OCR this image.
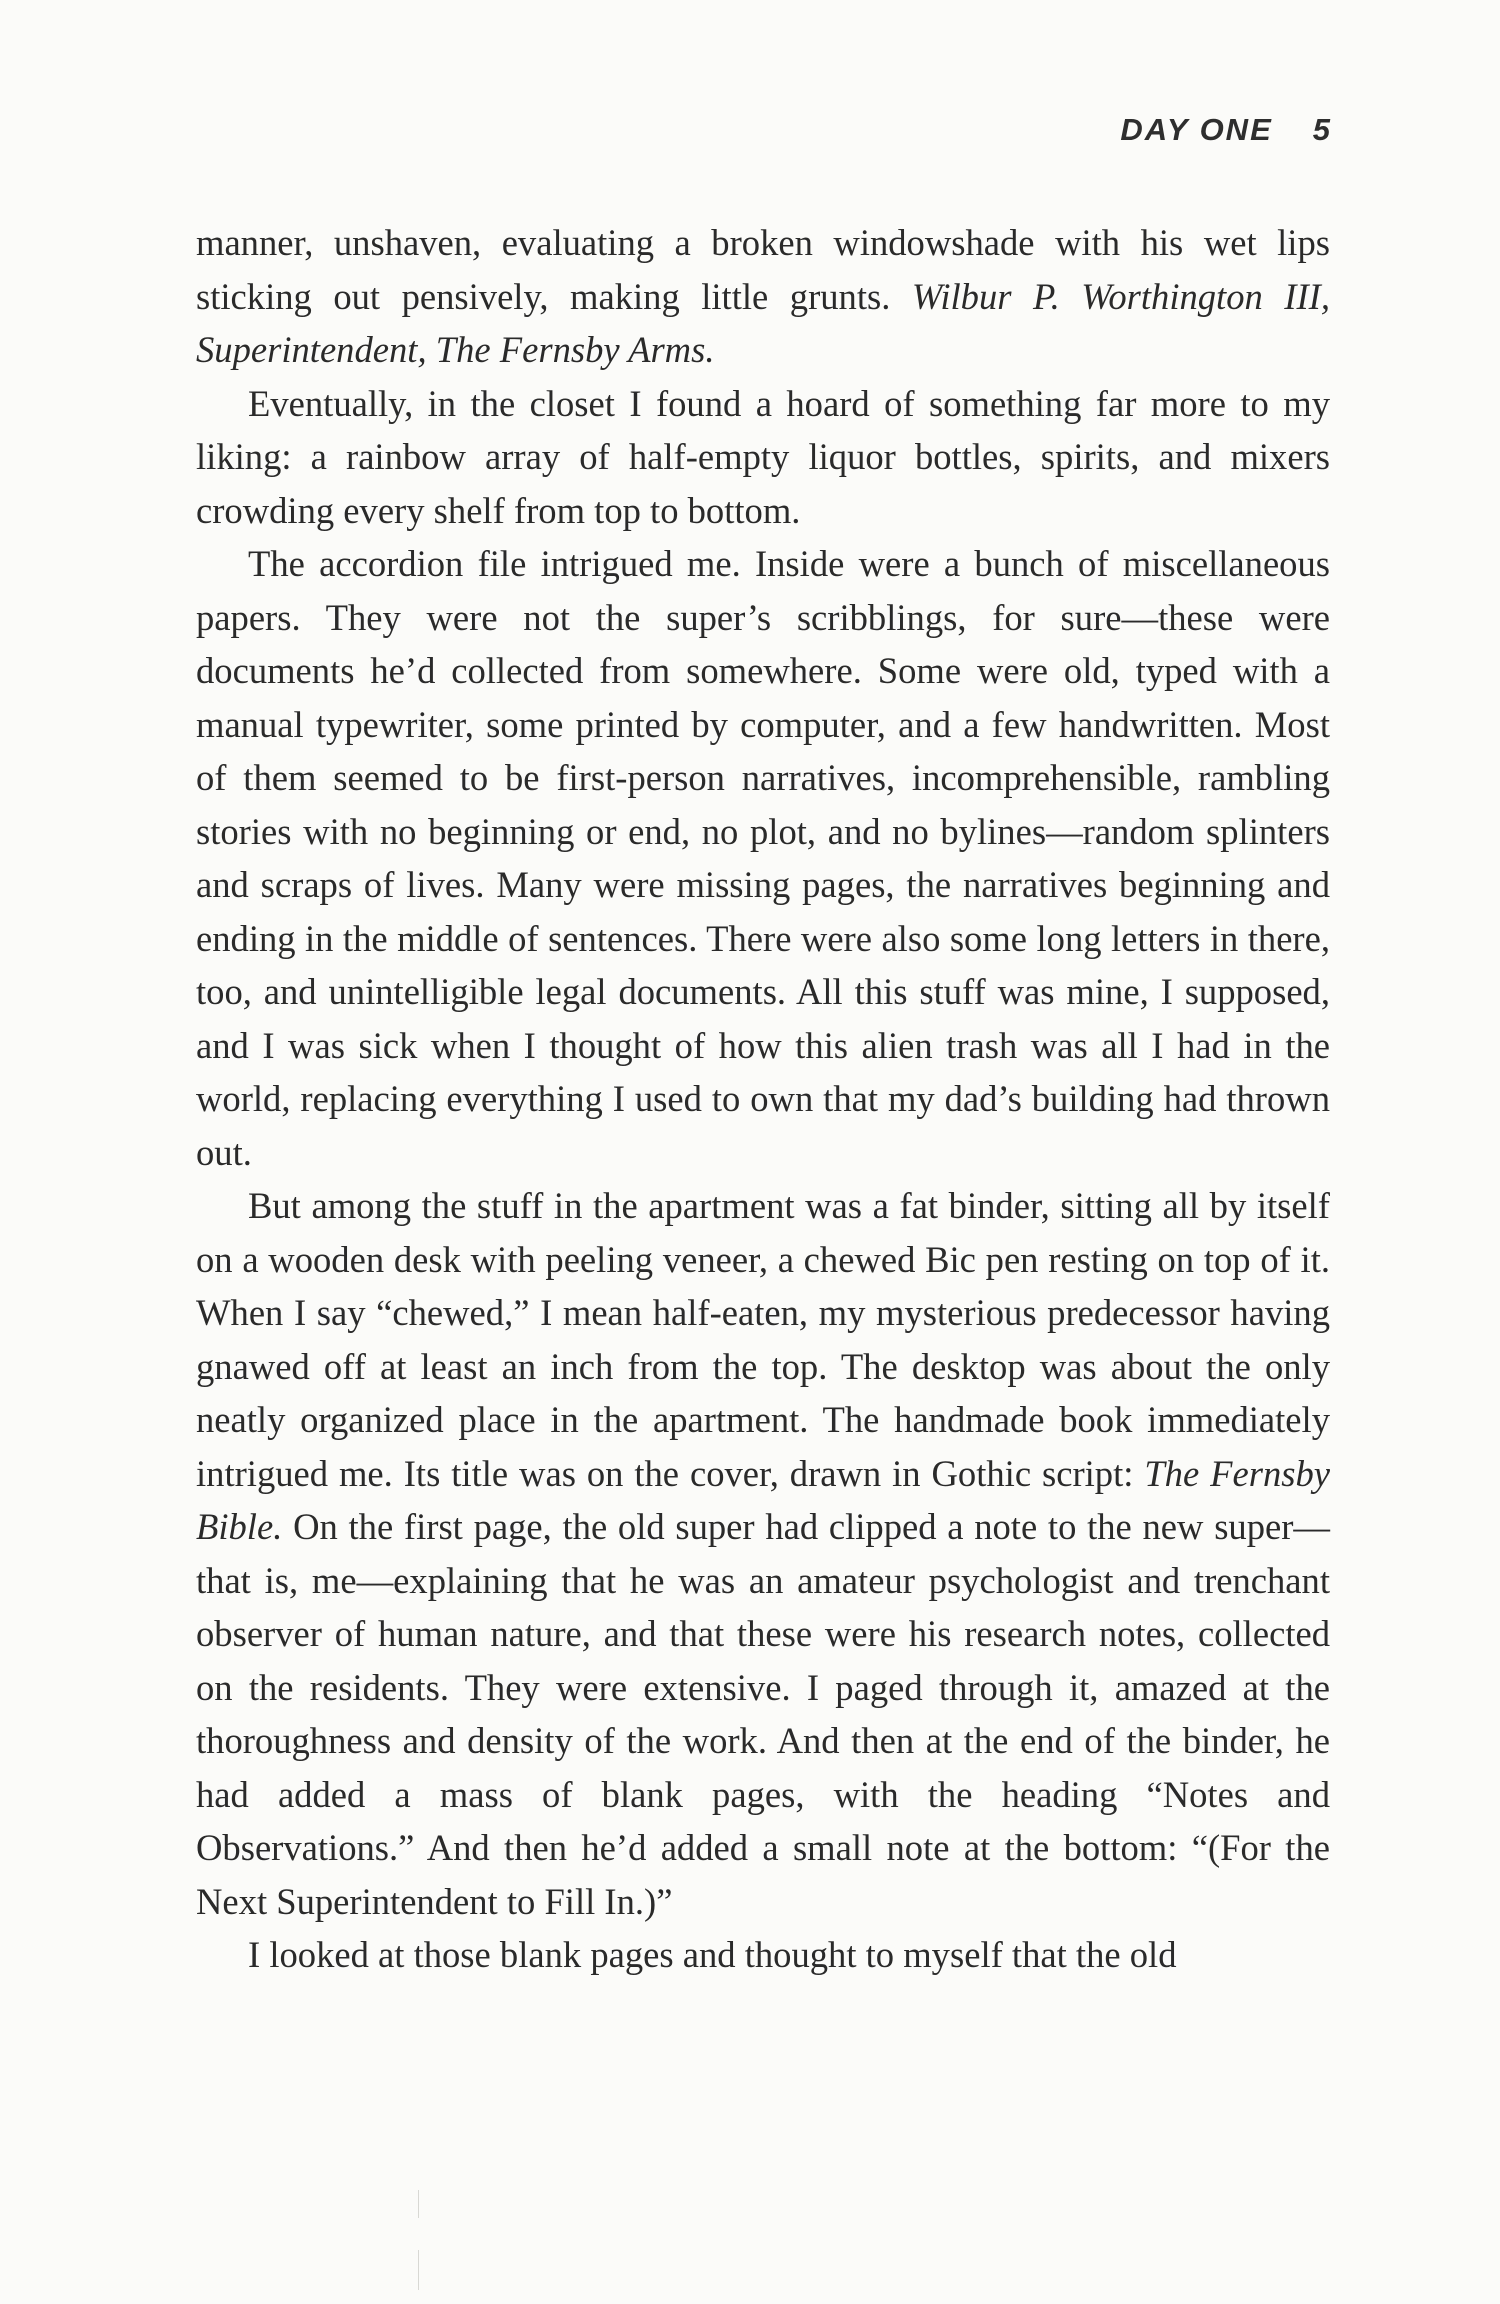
DAY ONE 5

manner, unshaven, evaluating a broken windowshade with his wet lips sticking out pensively, making little grunts. Wilbur P. Worthington III, Superintendent, The Fernsby Arms.

Eventually, in the closet I found a hoard of something far more to my liking: a rainbow array of half-empty liquor bottles, spirits, and mixers crowding every shelf from top to bottom.

The accordion file intrigued me. Inside were a bunch of miscellaneous papers. They were not the super’s scribblings, for sure—these were documents he’d collected from somewhere. Some were old, typed with a manual typewriter, some printed by computer, and a few handwritten. Most of them seemed to be first-person narratives, incomprehensible, rambling stories with no beginning or end, no plot, and no bylines—random splinters and scraps of lives. Many were missing pages, the narratives beginning and ending in the middle of sentences. There were also some long letters in there, too, and unintelligible legal documents. All this stuff was mine, I supposed, and I was sick when I thought of how this alien trash was all I had in the world, replacing everything I used to own that my dad’s building had thrown out.

But among the stuff in the apartment was a fat binder, sitting all by itself on a wooden desk with peeling veneer, a chewed Bic pen resting on top of it. When I say “chewed,” I mean half-eaten, my mysterious predecessor having gnawed off at least an inch from the top. The desktop was about the only neatly organized place in the apartment. The handmade book immediately intrigued me. Its title was on the cover, drawn in Gothic script: The Fernsby Bible. On the first page, the old super had clipped a note to the new super—that is, me—explaining that he was an amateur psychologist and trenchant observer of human nature, and that these were his research notes, collected on the residents. They were extensive. I paged through it, amazed at the thoroughness and density of the work. And then at the end of the binder, he had added a mass of blank pages, with the heading “Notes and Observations.” And then he’d added a small note at the bottom: “(For the Next Superintendent to Fill In.)”

I looked at those blank pages and thought to myself that the old
